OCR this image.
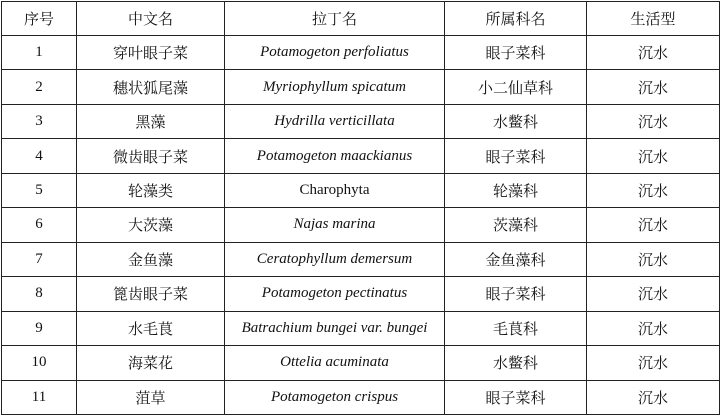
序号	中文名	拉丁名	所属科名	生活型
1	穿叶眼子菜	Potamogeton perfoliatus	眼子菜科	沉水
2	穗状狐尾藻	Myriophyllum spicatum	小二仙草科	沉水
3	黑藻	Hydrilla verticillata	水鳖科	沉水
4	微齿眼子菜	Potamogeton maackianus	眼子菜科	沉水
5	轮藻类	Charophyta	轮藻科	沉水
6	大茨藻	Najas marina	茨藻科	沉水
7	金鱼藻	Ceratophyllum demersum	金鱼藻科	沉水
8	篦齿眼子菜	Potamogeton pectinatus	眼子菜科	沉水
9	水毛茛	Batrachium bungei var. bungei	毛茛科	沉水
10	海菜花	Ottelia acuminata	水鳖科	沉水
11	菹草	Potamogeton crispus	眼子菜科	沉水
